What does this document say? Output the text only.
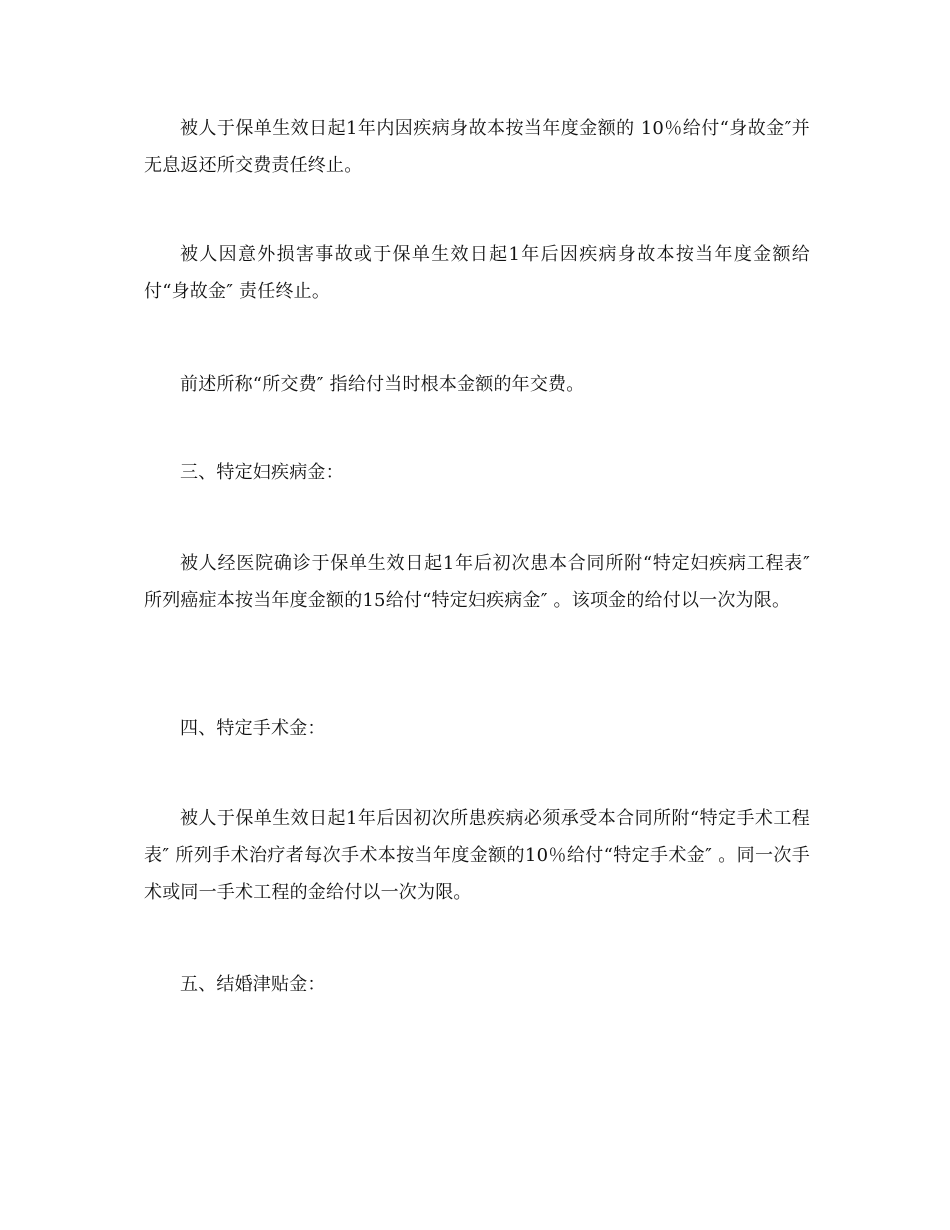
被人于保单生效日起1年内因疾病身故本按当年度金额的 10％给付“身故金″并无息返还所交费责任终止。

被人因意外损害事故或于保单生效日起1年后因疾病身故本按当年度金额给付“身故金″ 责任终止。

前述所称“所交费″ 指给付当时根本金额的年交费。

三、特定妇疾病金：

被人经医院确诊于保单生效日起1年后初次患本合同所附“特定妇疾病工程表″ 所列癌症本按当年度金额的15给付“特定妇疾病金″ 。该项金的给付以一次为限。

四、特定手术金：

被人于保单生效日起1年后因初次所患疾病必须承受本合同所附“特定手术工程表″ 所列手术治疗者每次手术本按当年度金额的10％给付“特定手术金″ 。同一次手术或同一手术工程的金给付以一次为限。

五、结婚津贴金：
